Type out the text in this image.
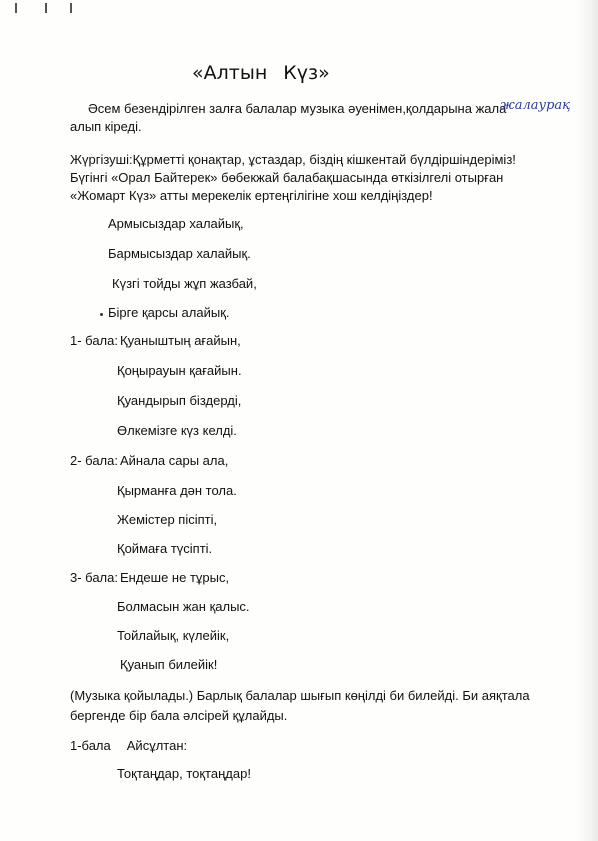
«Алтын Күз»
Әсем безендірілген залға балалар музыка әуенімен,қолдарына жала
жалаурақ
алып кіреді.
Жүргізуші:Құрметті қонақтар, ұстаздар, біздің кішкентай бүлдіршіндеріміз!
Бүгінгі «Орал Байтерек» бөбекжай балабақшасында өткізілгелі отырған
«Жомарт Күз» атты мерекелік ертеңгілігіне хош келдіңіздер!
Армысыздар халайық,
Бармысыздар халайық.
Күзгі тойды жұп жазбай,
Бірге қарсы алайық.
1- бала: Қуаныштың ағайын,
Қоңырауын қағайын.
Қуандырып біздерді,
Өлкемізге күз келді.
2- бала: Айнала сары ала,
Қырманға дән тола.
Жемістер пісіпті,
Қоймаға түсіпті.
3- бала: Ендеше не тұрыс,
Болмасын жан қалыс.
Тойлайық, күлейік,
Қуанып билейік!
(Музыка қойылады.) Барлық балалар шығып көңілді би билейді. Би аяқтала
бергенде бір бала әлсірей құлайды.
1-бала Айсұлтан:
Тоқтаңдар, тоқтаңдар!
